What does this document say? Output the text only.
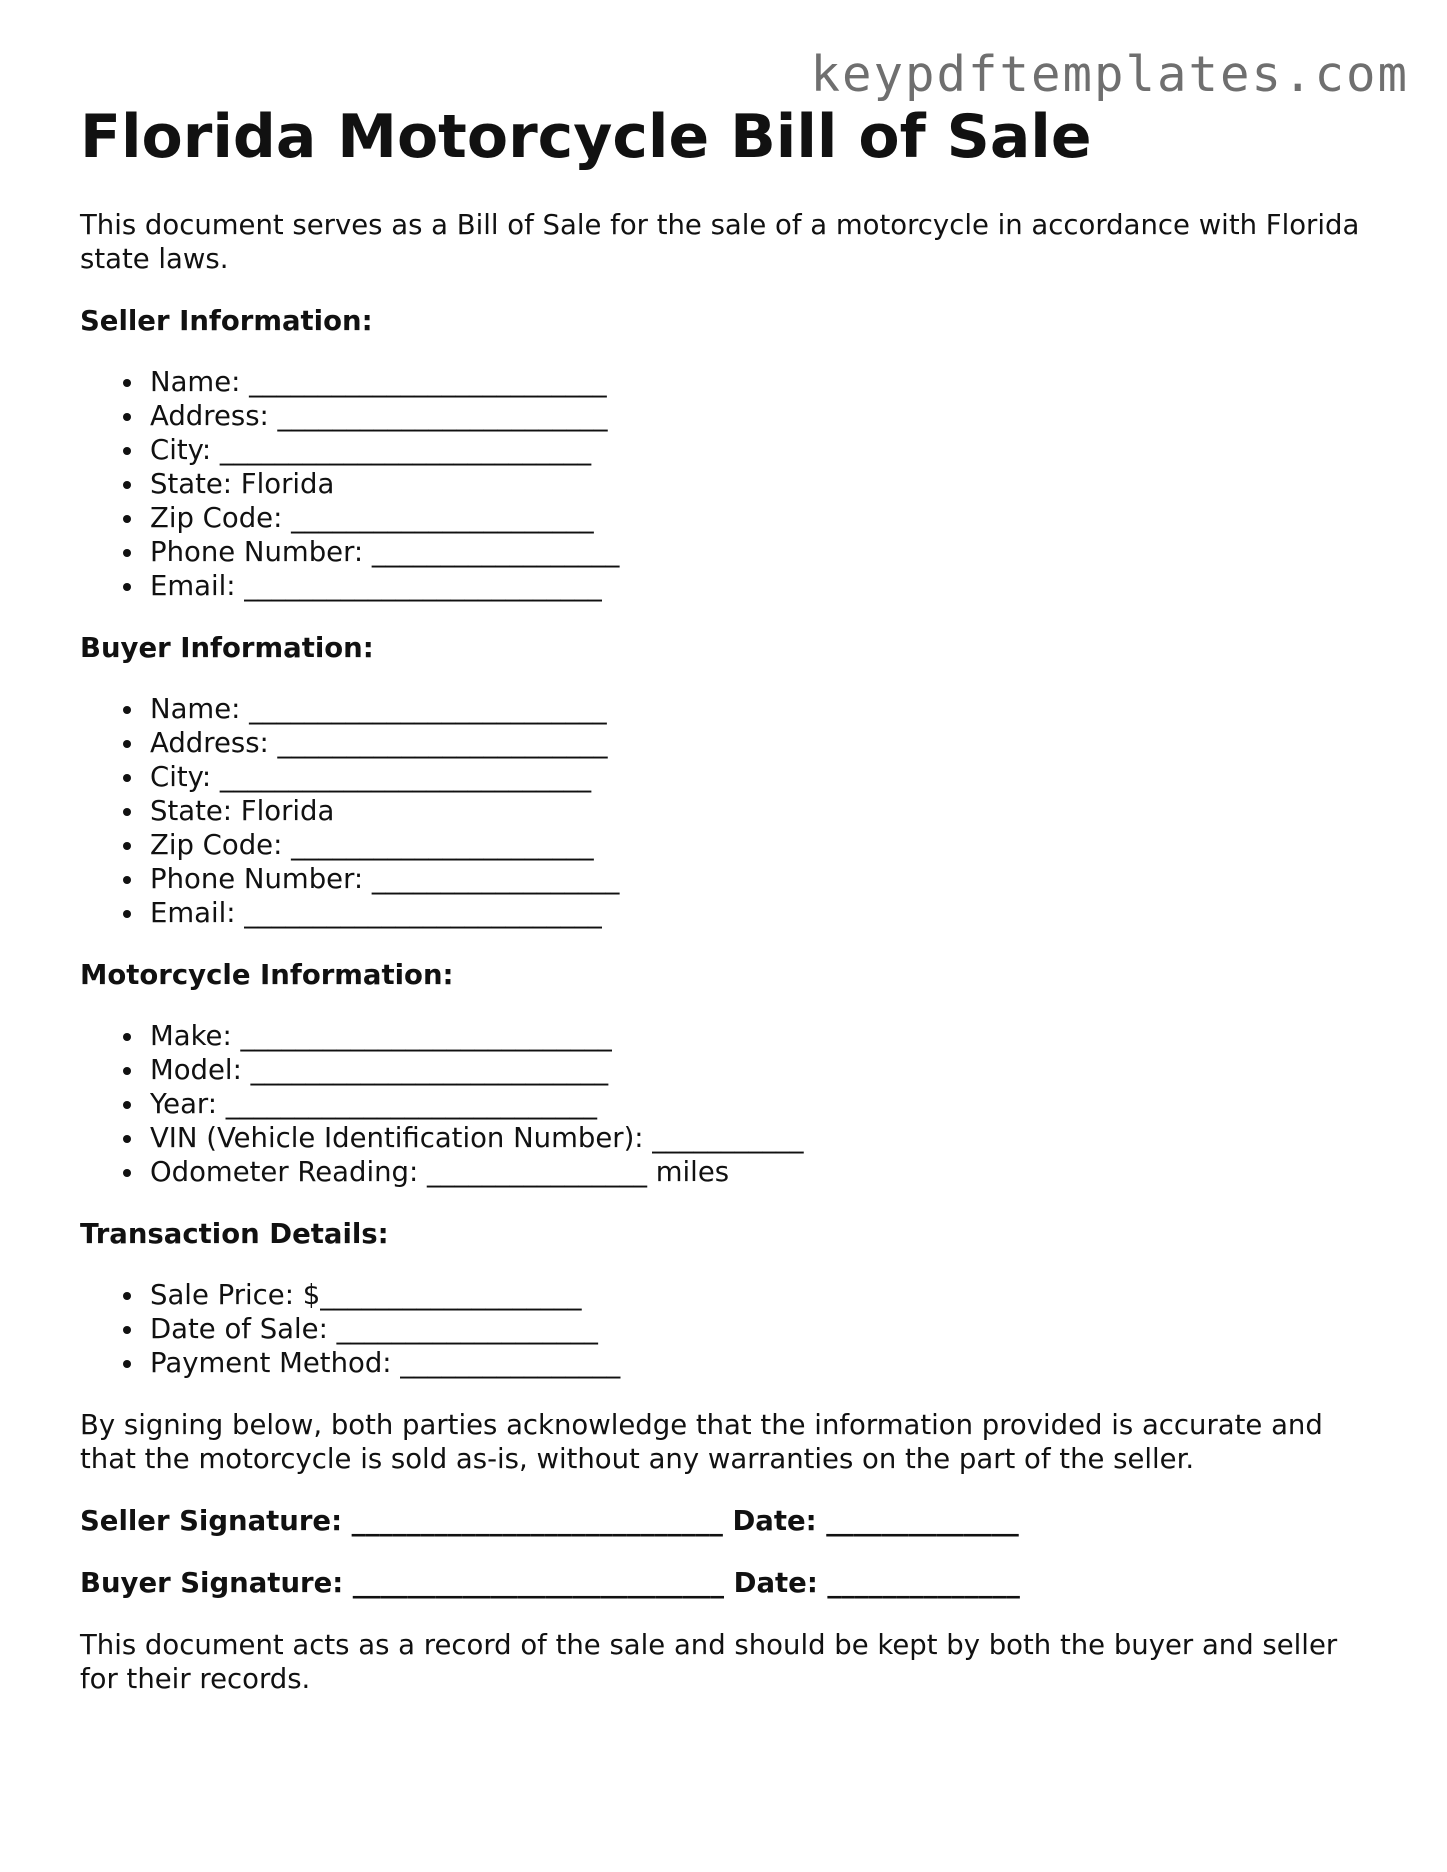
keypdftemplates.com
Florida Motorcycle Bill of Sale

This document serves as a Bill of Sale for the sale of a motorcycle in accordance with Florida state laws.

Seller Information:
Name: __________________________
Address: ________________________
City: ___________________________
State: Florida
Zip Code: ______________________
Phone Number: __________________
Email: __________________________
Buyer Information:
Name: __________________________
Address: ________________________
City: ___________________________
State: Florida
Zip Code: ______________________
Phone Number: __________________
Email: __________________________
Motorcycle Information:
Make: ___________________________
Model: __________________________
Year: ___________________________
VIN (Vehicle Identification Number): ___________
Odometer Reading: ________________ miles
Transaction Details:
Sale Price: $___________________
Date of Sale: ___________________
Payment Method: ________________

By signing below, both parties acknowledge that the information provided is accurate and that the motorcycle is sold as-is, without any warranties on the part of the seller.

Seller Signature: ___________________________ Date: ______________
Buyer Signature: ___________________________ Date: ______________

This document acts as a record of the sale and should be kept by both the buyer and seller for their records.
